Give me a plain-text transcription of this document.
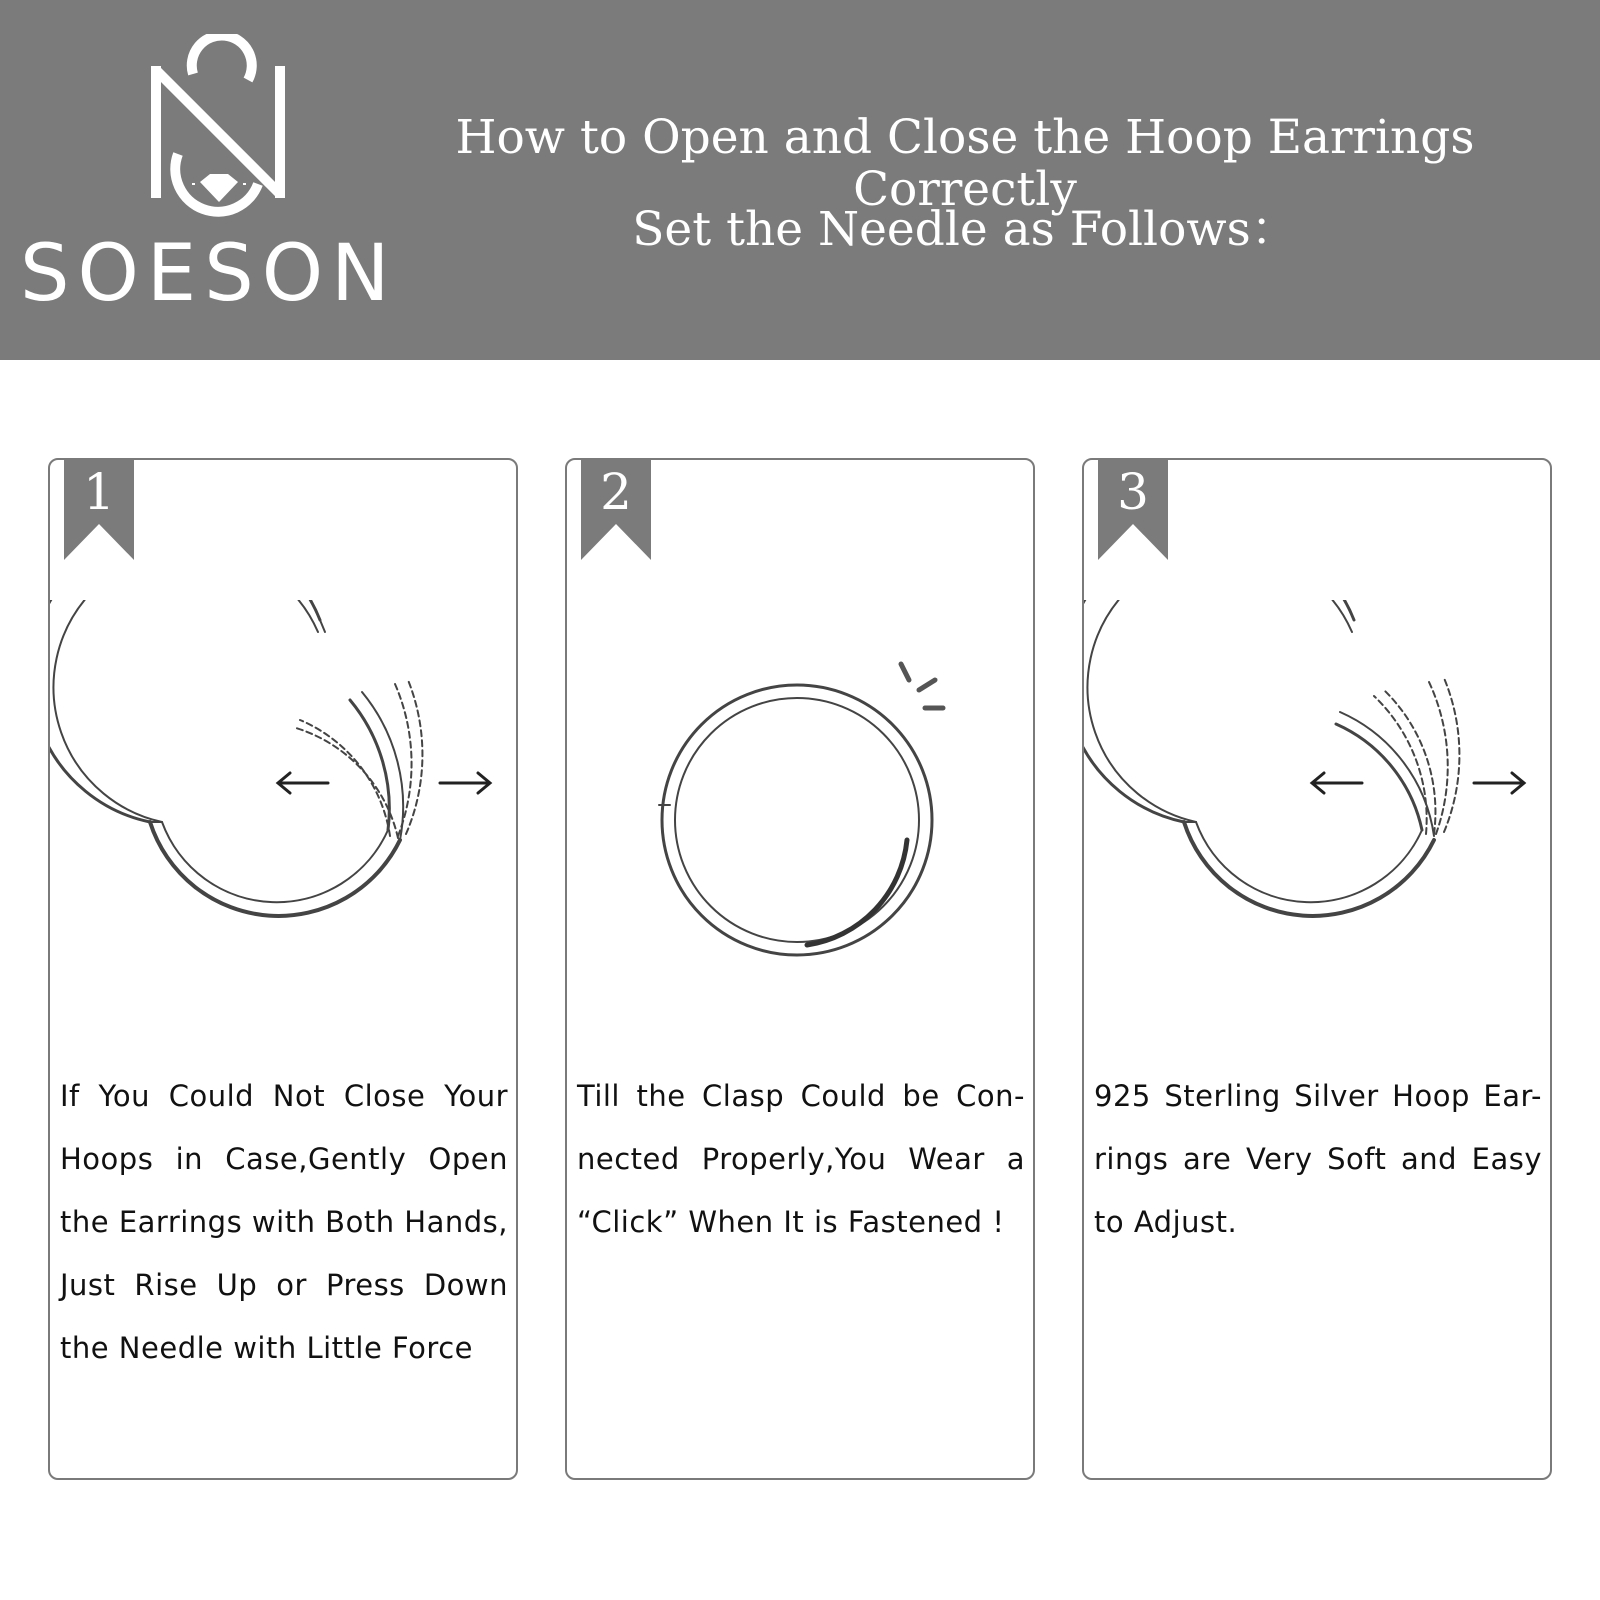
SOESON
How to Open and Close the Hoop Earrings Correctly
Set the Needle as Follows：
1
If You Could Not Close Your Hoops in Case,Gently Open the Earrings with Both Hands, Just Rise Up or Press Down the Needle with Little Force
2
Till the Clasp Could be Con-nected Properly,You Wear a “Click” When It is Fastened !
3
925 Sterling Silver Hoop Ear-rings are Very Soft and Easy to Adjust.
